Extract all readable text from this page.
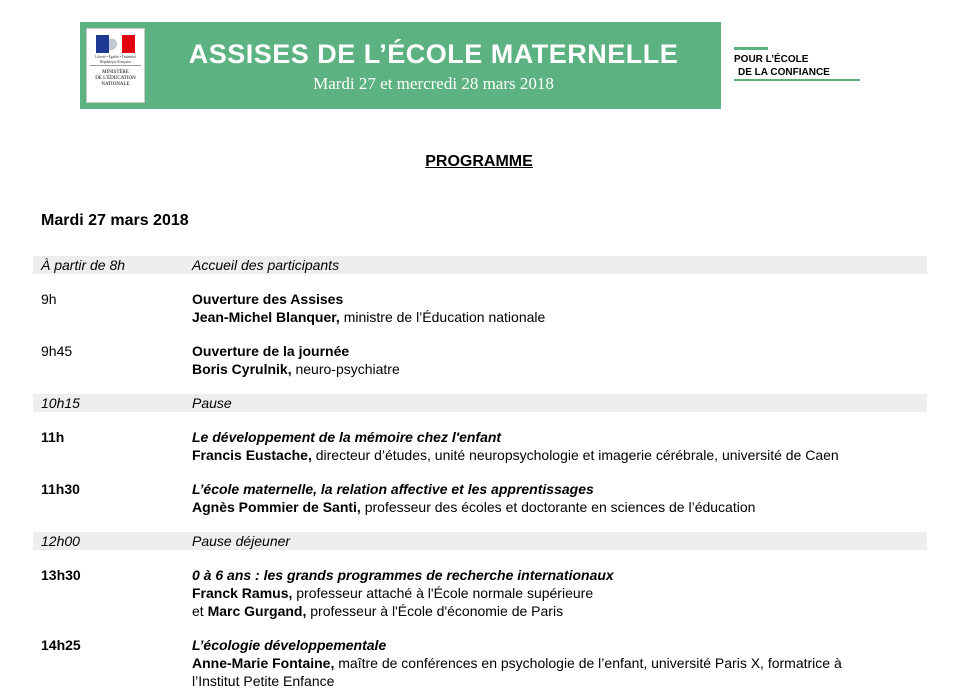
Liberté • Égalité • Fraternité
République Française
MINISTÈRE
DE L'ÉDUCATION
NATIONALE
ASSISES DE L’ÉCOLE MATERNELLE
Mardi 27 et mercredi 28 mars 2018
POUR L’ÉCOLE
DE LA CONFIANCE
PROGRAMME
Mardi 27 mars 2018
À partir de 8h	Accueil des participants
9h	Ouverture des Assises
Jean-Michel Blanquer, ministre de l’Éducation nationale
9h45	Ouverture de la journée
Boris Cyrulnik, neuro-psychiatre
10h15	Pause
11h	Le développement de la mémoire chez l'enfant
Francis Eustache, directeur d’études, unité neuropsychologie et imagerie cérébrale, université de Caen
11h30	L’école maternelle, la relation affective et les apprentissages
Agnès Pommier de Santi, professeur des écoles et doctorante en sciences de l’éducation
12h00	Pause déjeuner
13h30	0 à 6 ans : les grands programmes de recherche internationaux
Franck Ramus, professeur attaché à l'École normale supérieure
et Marc Gurgand, professeur à l'École d'économie de Paris
14h25	L’écologie développementale
Anne-Marie Fontaine, maître de conférences en psychologie de l’enfant, université Paris X, formatrice à
l’Institut Petite Enfance
